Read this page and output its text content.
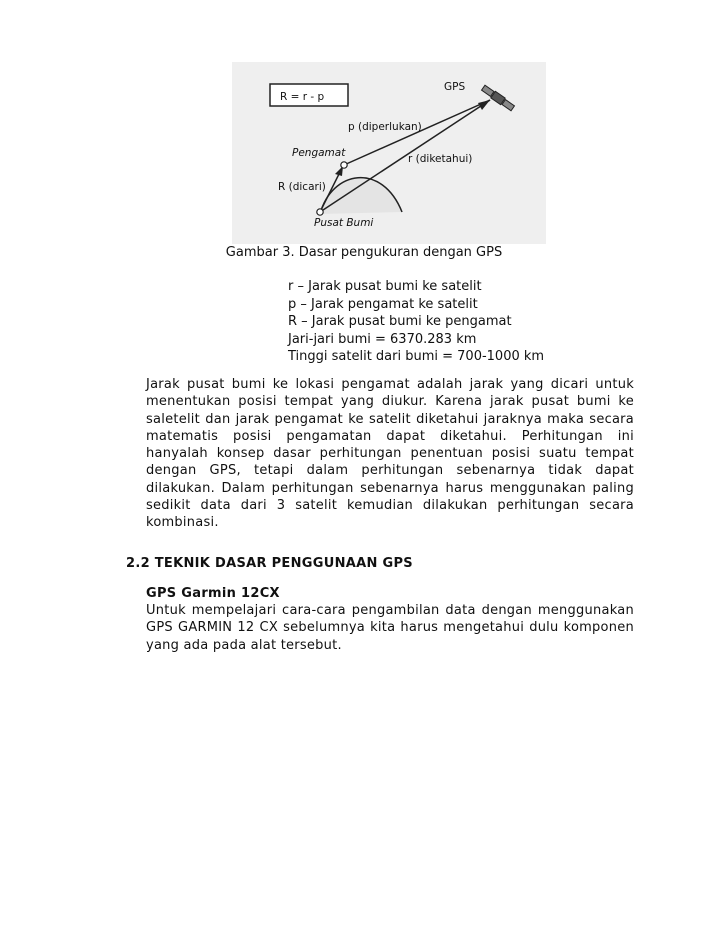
R = r - p
GPS
p (diperlukan)
Pengamat	r (diketahui)
R (dicari)
Pusat Bumi
Gambar 3. Dasar pengukuran dengan GPS
r – Jarak pusat bumi ke satelit
p – Jarak pengamat ke satelit
R – Jarak pusat bumi ke pengamat
Jari-jari bumi = 6370.283 km
Tinggi satelit dari bumi = 700-1000 km

Jarak pusat bumi ke lokasi pengamat adalah jarak yang dicari untuk menentukan posisi tempat yang diukur. Karena jarak pusat bumi ke saletelit dan jarak pengamat ke satelit diketahui jaraknya maka secara matematis posisi pengamatan dapat diketahui. Perhitungan ini hanyalah konsep dasar perhitungan penentuan posisi suatu tempat dengan GPS, tetapi dalam perhitungan sebenarnya tidak dapat dilakukan. Dalam perhitungan sebenarnya harus menggunakan paling sedikit data dari 3 satelit kemudian dilakukan perhitungan secara kombinasi.

2.2 TEKNIK DASAR PENGGUNAAN GPS
GPS Garmin 12CX

Untuk mempelajari cara-cara pengambilan data dengan menggunakan GPS GARMIN 12 CX sebelumnya kita harus mengetahui dulu komponen yang ada pada alat tersebut.
